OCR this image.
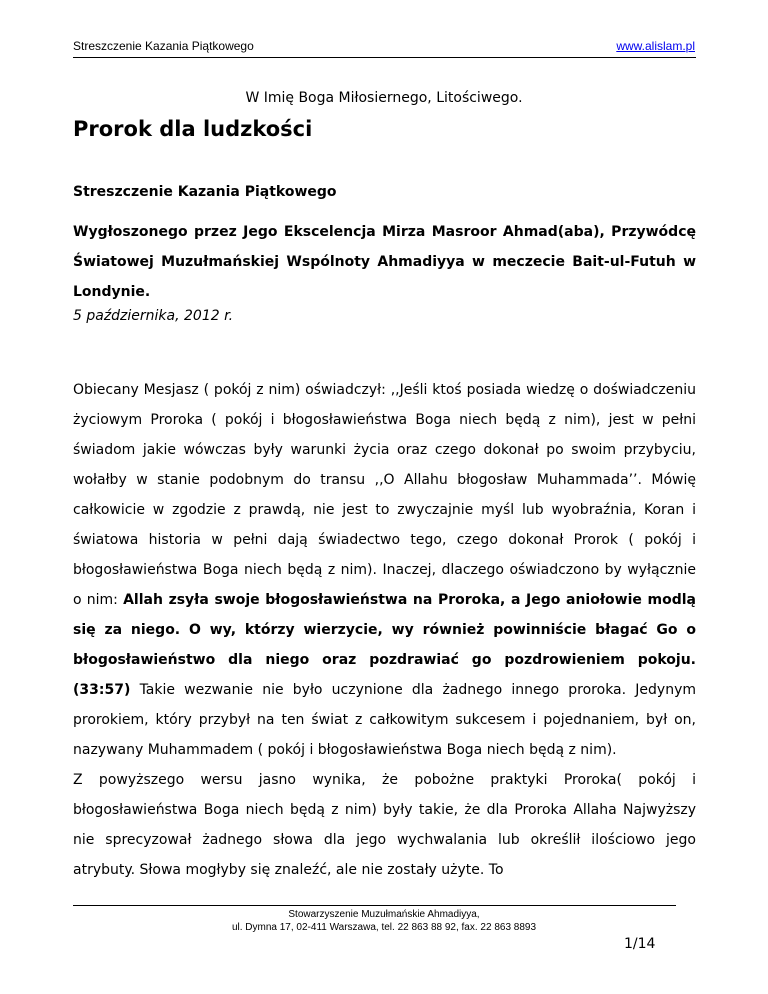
Streszczenie Kazania Piątkowego	www.alislam.pl
W Imię Boga Miłosiernego, Litościwego.
Prorok dla ludzkości
Streszczenie Kazania Piątkowego
Wygłoszonego przez Jego Ekscelencja Mirza Masroor Ahmad(aba), Przywódcę Światowej Muzułmańskiej Wspólnoty Ahmadiyya w meczecie Bait-ul-Futuh w Londynie.
5 października, 2012 r.
Obiecany Mesjasz ( pokój z nim) oświadczył: ,,Jeśli ktoś posiada wiedzę o doświadczeniu życiowym Proroka ( pokój i błogosławieństwa Boga niech będą z nim), jest w pełni świadom jakie wówczas były warunki życia oraz czego dokonał po swoim przybyciu, wołałby w stanie podobnym do transu ,,O Allahu błogosław Muhammada’’. Mówię całkowicie w zgodzie z prawdą, nie jest to zwyczajnie myśl lub wyobraźnia, Koran i światowa historia w pełni dają świadectwo tego, czego dokonał Prorok ( pokój i błogosławieństwa Boga niech będą z nim). Inaczej, dlaczego oświadczono by wyłącznie o nim: Allah zsyła swoje błogosławieństwa na Proroka, a Jego aniołowie modlą się za niego. O wy, którzy wierzycie, wy również powinniście błagać Go o błogosławieństwo dla niego oraz pozdrawiać go pozdrowieniem pokoju. (33:57) Takie wezwanie nie było uczynione dla żadnego innego proroka. Jedynym prorokiem, który przybył na ten świat z całkowitym sukcesem i pojednaniem, był on, nazywany Muhammadem ( pokój i błogosławieństwa Boga niech będą z nim).
Z powyższego wersu jasno wynika, że pobożne praktyki Proroka( pokój i błogosławieństwa Boga niech będą z nim) były takie, że dla Proroka Allaha Najwyższy nie sprecyzował żadnego słowa dla jego wychwalania lub określił ilościowo jego atrybuty. Słowa mogłyby się znaleźć, ale nie zostały użyte. To
Stowarzyszenie Muzułmańskie Ahmadiyya,
ul. Dymna 17, 02-411 Warszawa, tel. 22 863 88 92, fax. 22 863 8893
1/14
